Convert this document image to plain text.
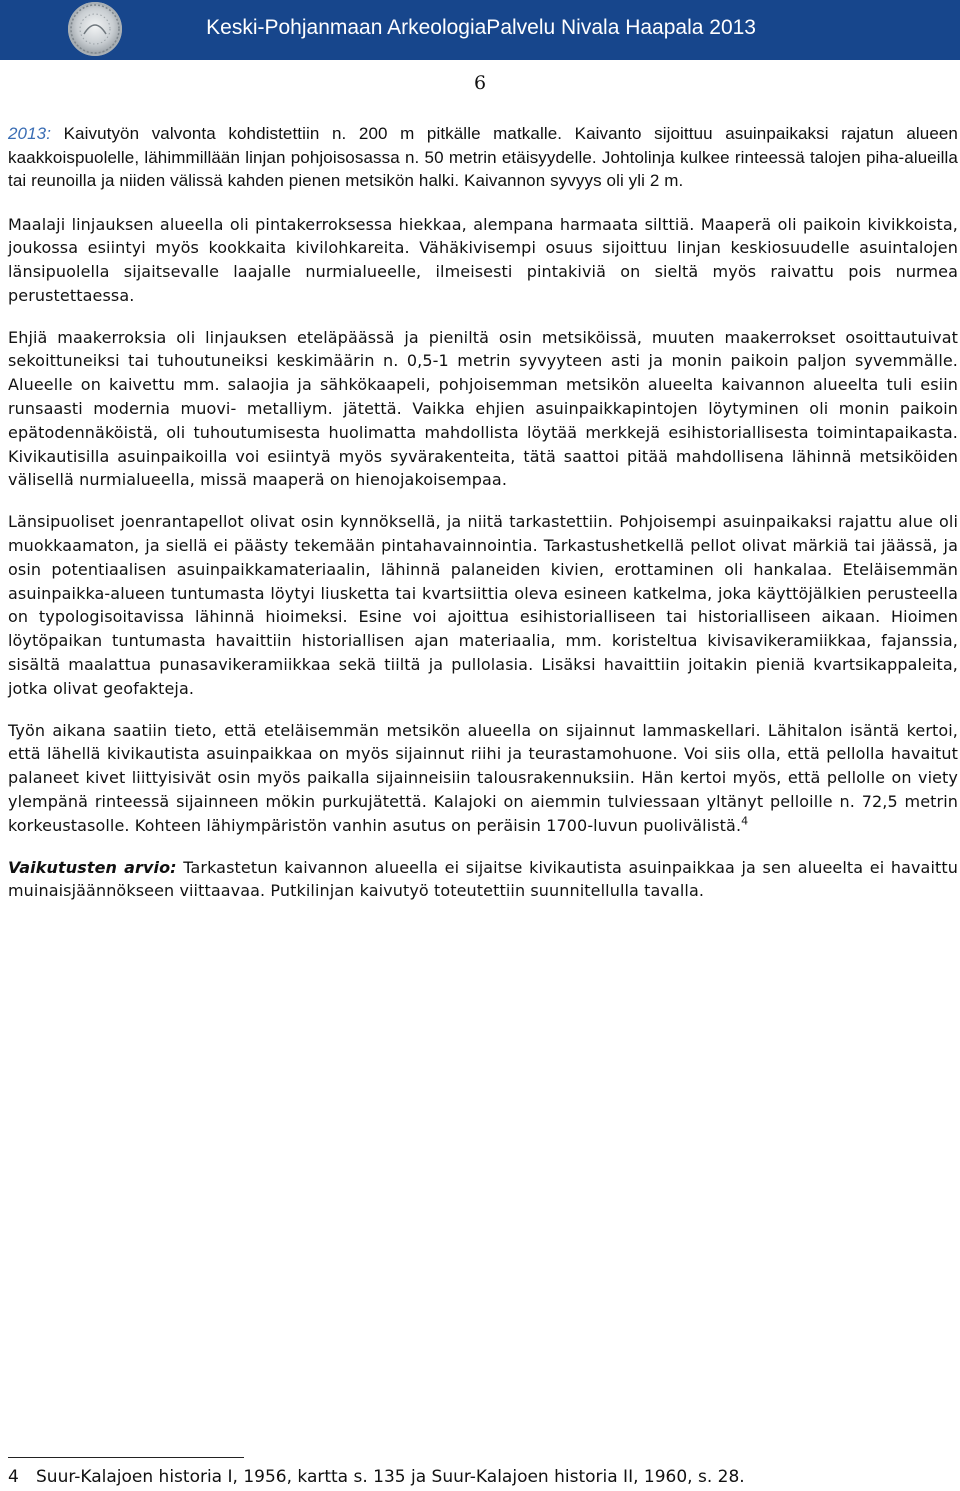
Keski-Pohjanmaan ArkeologiaPalvelu Nivala Haapala 2013
6

2013: Kaivutyön valvonta kohdistettiin n. 200 m pitkälle matkalle. Kaivanto sijoittuu asuinpaikaksi rajatun alueen kaakkoispuolelle, lähimmillään linjan pohjoisosassa n. 50 metrin etäisyydelle. Johtolinja kulkee rinteessä talojen piha-alueilla tai reunoilla ja niiden välissä kahden pienen metsikön halki. Kaivannon syvyys oli yli 2 m.

Maalaji linjauksen alueella oli pintakerroksessa hiekkaa, alempana harmaata silttiä. Maaperä oli paikoin kivikkoista, joukossa esiintyi myös kookkaita kivilohkareita. Vähäkivisempi osuus sijoittuu linjan keskiosuudelle asuintalojen länsipuolella sijaitsevalle laajalle nurmialueelle, ilmeisesti pintakiviä on sieltä myös raivattu pois nurmea perustettaessa.

Ehjiä maakerroksia oli linjauksen eteläpäässä ja pieniltä osin metsiköissä, muuten maakerrokset osoittautuivat sekoittuneiksi tai tuhoutuneiksi keskimäärin n. 0,5-1 metrin syvyyteen asti ja monin paikoin paljon syvemmälle. Alueelle on kaivettu mm. salaojia ja sähkökaapeli, pohjoisemman metsikön alueelta kaivannon alueelta tuli esiin runsaasti modernia muovi- metalliym. jätettä. Vaikka ehjien asuinpaikkapintojen löytyminen oli monin paikoin epätodennäköistä, oli tuhoutumisesta huolimatta mahdollista löytää merkkejä esihistoriallisesta toimintapaikasta. Kivikautisilla asuinpaikoilla voi esiintyä myös syvärakenteita, tätä saattoi pitää mahdollisena lähinnä metsiköiden välisellä nurmialueella, missä maaperä on hienojakoisempaa.

Länsipuoliset joenrantapellot olivat osin kynnöksellä, ja niitä tarkastettiin. Pohjoisempi asuinpaikaksi rajattu alue oli muokkaamaton, ja siellä ei päästy tekemään pintahavainnointia. Tarkastushetkellä pellot olivat märkiä tai jäässä, ja osin potentiaalisen asuinpaikkamateriaalin, lähinnä palaneiden kivien, erottaminen oli hankalaa. Eteläisemmän asuinpaikka-alueen tuntumasta löytyi liusketta tai kvartsiittia oleva esineen katkelma, joka käyttöjälkien perusteella on typologisoitavissa lähinnä hioimeksi. Esine voi ajoittua esihistorialliseen tai historialliseen aikaan. Hioimen löytöpaikan tuntumasta havaittiin historiallisen ajan materiaalia, mm. koristeltua kivisavikeramiikkaa, fajanssia, sisältä maalattua punasavikeramiikkaa sekä tiiltä ja pullolasia. Lisäksi havaittiin joitakin pieniä kvartsikappaleita, jotka olivat geofakteja.

Työn aikana saatiin tieto, että eteläisemmän metsikön alueella on sijainnut lammaskellari. Lähitalon isäntä kertoi, että lähellä kivikautista asuinpaikkaa on myös sijainnut riihi ja teurastamohuone. Voi siis olla, että pellolla havaitut palaneet kivet liittyisivät osin myös paikalla sijainneisiin talousrakennuksiin. Hän kertoi myös, että pellolle on viety ylempänä rinteessä sijainneen mökin purkujätettä. Kalajoki on aiemmin tulviessaan yltänyt pelloille n. 72,5 metrin korkeustasolle. Kohteen lähiympäristön vanhin asutus on peräisin 1700-luvun puolivälistä.$^4$

Vaikutusten arvio: Tarkastetun kaivannon alueella ei sijaitse kivikautista asuinpaikkaa ja sen alueelta ei havaittu muinaisjäännökseen viittaavaa. Putkilinjan kaivutyö toteutettiin suunnitellulla tavalla.

4 Suur-Kalajoen historia I, 1956, kartta s. 135 ja Suur-Kalajoen historia II, 1960, s. 28.
